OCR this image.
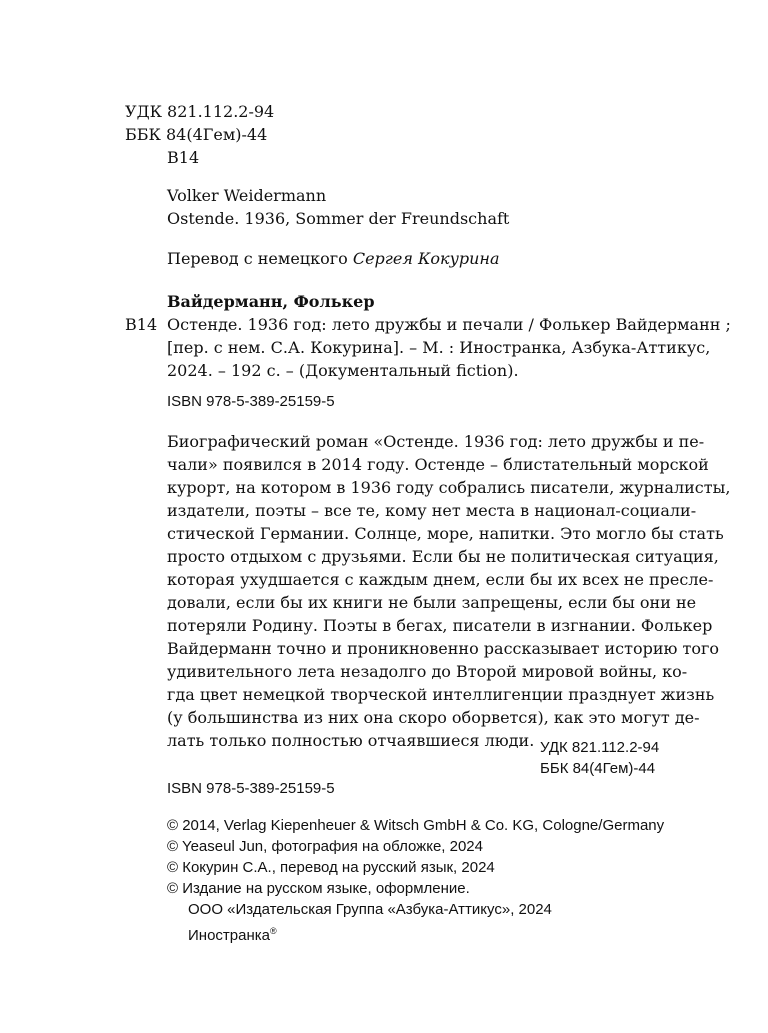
УДК 821.112.2-94
ББК 84(4Гем)-44
В14
Volker Weidermann
Ostende. 1936, Sommer der Freundschaft
Перевод с немецкого Сергея Кокурина
Вайдерманн, Фолькер
В14 Остенде. 1936 год: лето дружбы и печали / Фолькер Вайдерманн ;
[пер. с нем. С.А. Кокурина]. – М. : Иностранка, Азбука-Аттикус,
2024. – 192 с. – (Документальный fiction).
ISBN 978-5-389-25159-5
Биографический роман «Остенде. 1936 год: лето дружбы и пе-
чали» появился в 2014 году. Остенде – блистательный морской
курорт, на котором в 1936 году собрались писатели, журналисты,
издатели, поэты – все те, кому нет места в национал-социали-
стической Германии. Солнце, море, напитки. Это могло бы стать
просто отдыхом с друзьями. Если бы не политическая ситуация,
которая ухудшается с каждым днем, если бы их всех не пресле-
довали, если бы их книги не были запрещены, если бы они не
потеряли Родину. Поэты в бегах, писатели в изгнании. Фолькер
Вайдерманн точно и проникновенно рассказывает историю того
удивительного лета незадолго до Второй мировой войны, ко-
гда цвет немецкой творческой интеллигенции празднует жизнь
(у большинства из них она скоро оборвется), как это могут де-
лать только полностью отчаявшиеся люди. УДК 821.112.2-94
ББК 84(4Гем)-44
ISBN 978-5-389-25159-5
© 2014, Verlag Kiepenheuer & Witsch GmbH & Co. KG, Cologne/Germany
© Yeaseul Jun, фотография на обложке, 2024
© Кокурин С.А., перевод на русский язык, 2024
© Издание на русском языке, оформление.
ООО «Издательская Группа «Азбука-Аттикус», 2024
Иностранка®
